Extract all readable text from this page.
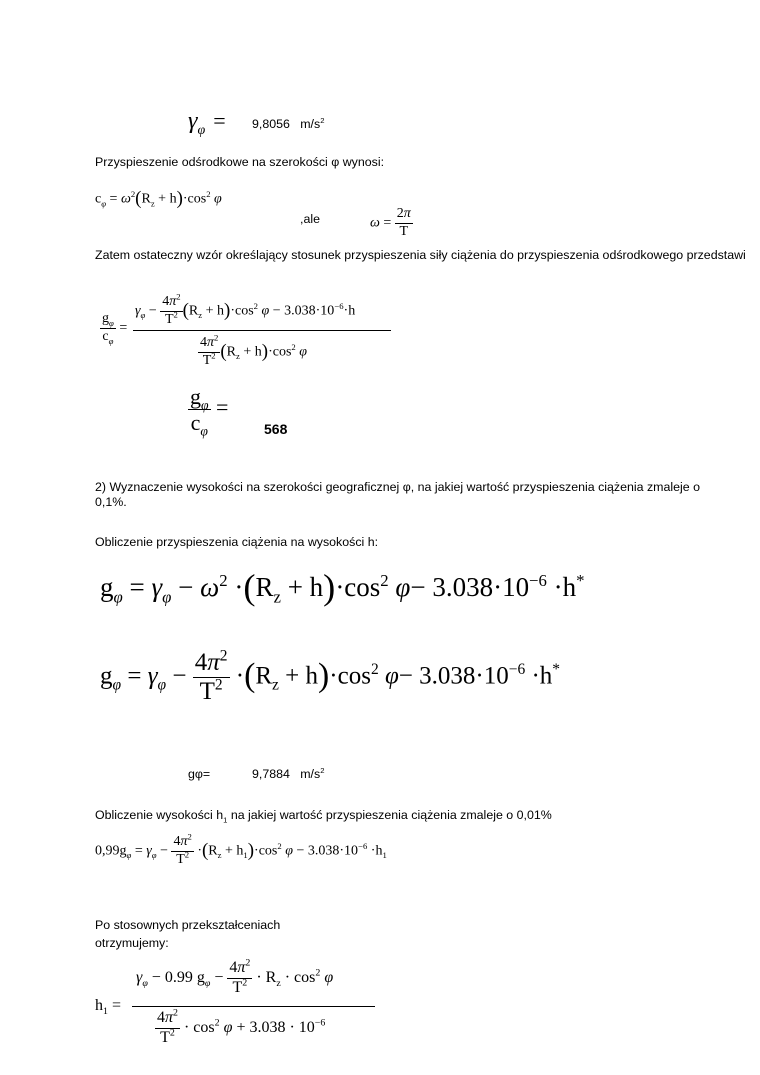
γφ = 9,8056 $m/s^2$
Przyspieszenie odśrodkowe na szerokości φ wynosi:
$c_\varphi = \omega^2(R_z + h)\cdot\cos^2$ φ
,ale	$\omega = \frac{2\pi}{T}$
Zatem ostateczny wzór określający stosunek przyspieszenia siły ciążenia do przyspieszenia odśrodkowego przedstawi
$\frac{g_\varphi}{c_\varphi}$ =
$\gamma_\varphi - \frac{4\pi^2}{T^2} (R_z + h)\cdot\cos^2$ $\varphi - 3.038\cdot 10^{-6}\cdot h$
$\frac{4\pi^2}{T^2} (R_z + h)\cdot\cos^2$ φ
$\frac{g_\varphi}{c_\varphi}$ =
568
2) Wyznaczenie wysokości na szerokości geograficznej φ, na jakiej wartość przyspieszenia ciążenia zmaleje o 0,1%.
Obliczenie przyspieszenia ciążenia na wysokości h:
$g_\varphi = \gamma_\varphi - \omega^2 \cdot(R_z + h)\cdot\cos^2$ $\varphi- 3.038\cdot 10^{-6} \cdot h^*$
$g_\varphi = \gamma_\varphi - \frac{4\pi^2}{T^2} \cdot(R_z + h)\cdot\cos^2$ $\varphi- 3.038\cdot 10^{-6} \cdot h^*$
gφ=	9,7884 $m/s^2$
Obliczenie wysokości $h_1$ na jakiej wartość przyspieszenia ciążenia zmaleje o 0,01%
$0,99g_\varphi = \gamma_\varphi - \frac{4\pi^2}{T^2} \cdot(R_z + h_1)\cdot\cos^2$ $\varphi - 3.038\cdot 10^{-6} \cdot h_1$
Po stosownych przekształceniach
otrzymujemy:
$h_1$ =
$\gamma_\varphi - 0.99$ $g_\varphi - \frac{4\pi^2}{T^2} \cdot R_z \cdot \cos^2 \varphi$
$\frac{4\pi^2}{T^2} \cdot \cos^2 \varphi + 3.038 \cdot 10^{-6}$
